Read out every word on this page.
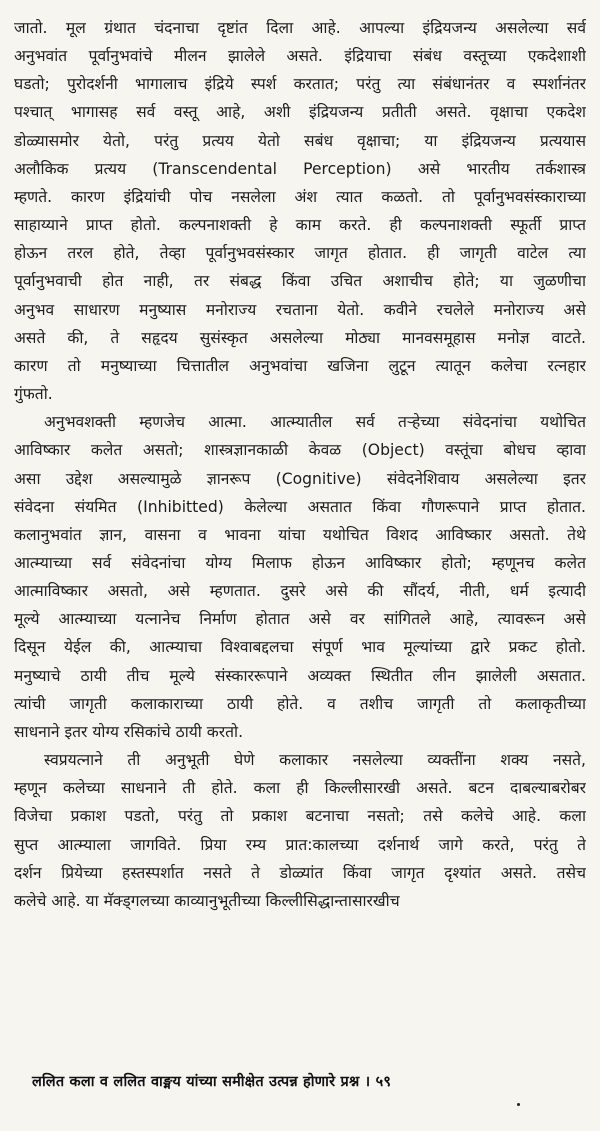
जातो. मूल ग्रंथात चंदनाचा दृष्टांत दिला आहे. आपल्या इंद्रियजन्य असलेल्या सर्व
अनुभवांत पूर्वानुभवांचे मीलन झालेले असते. इंद्रियाचा संबंध वस्तूच्या एकदेशाशी
घडतो; पुरोदर्शनी भागालाच इंद्रिये स्पर्श करतात; परंतु त्या संबंधानंतर व स्पर्शानंतर
पश्चात् भागासह सर्व वस्तू आहे, अशी इंद्रियजन्य प्रतीती असते. वृक्षाचा एकदेश
डोळ्यासमोर येतो, परंतु प्रत्यय येतो सबंध वृक्षाचा; या इंद्रियजन्य प्रत्ययास
अलौकिक प्रत्यय (Transcendental Perception) असे भारतीय तर्कशास्त्र
म्हणते. कारण इंद्रियांची पोच नसलेला अंश त्यात कळतो. तो पूर्वानुभवसंस्काराच्या
साहाय्याने प्राप्त होतो. कल्पनाशक्ती हे काम करते. ही कल्पनाशक्ती स्फूर्ती प्राप्त
होऊन तरल होते, तेव्हा पूर्वानुभवसंस्कार जागृत होतात. ही जागृती वाटेल त्या
पूर्वानुभवाची होत नाही, तर संबद्ध किंवा उचित अशाचीच होते; या जुळणीचा
अनुभव साधारण मनुष्यास मनोराज्य रचताना येतो. कवीने रचलेले मनोराज्य असे
असते की, ते सहृदय सुसंस्कृत असलेल्या मोठ्या मानवसमूहास मनोज्ञ वाटते.
कारण तो मनुष्याच्या चित्तातील अनुभवांचा खजिना लुटून त्यातून कलेचा रत्नहार
गुंफतो.
अनुभवशक्ती म्हणजेच आत्मा. आत्म्यातील सर्व तऱ्हेच्या संवेदनांचा यथोचित
आविष्कार कलेत असतो; शास्त्रज्ञानकाळी केवळ (Object) वस्तूंचा बोधच व्हावा
असा उद्देश असल्यामुळे ज्ञानरूप (Cognitive) संवेदनेशिवाय असलेल्या इतर
संवेदना संयमित (Inhibitted) केलेल्या असतात किंवा गौणरूपाने प्राप्त होतात.
कलानुभवांत ज्ञान, वासना व भावना यांचा यथोचित विशद आविष्कार असतो. तेथे
आत्म्याच्या सर्व संवेदनांचा योग्य मिलाफ होऊन आविष्कार होतो; म्हणूनच कलेत
आत्माविष्कार असतो, असे म्हणतात. दुसरे असे की सौंदर्य, नीती, धर्म इत्यादी
मूल्ये आत्म्याच्या यत्नानेच निर्माण होतात असे वर सांगितले आहे, त्यावरून असे
दिसून येईल की, आत्म्याचा विश्वाबद्दलचा संपूर्ण भाव मूल्यांच्या द्वारे प्रकट होतो.
मनुष्याचे ठायी तीच मूल्ये संस्काररूपाने अव्यक्त स्थितीत लीन झालेली असतात.
त्यांची जागृती कलाकाराच्या ठायी होते. व तशीच जागृती तो कलाकृतीच्या
साधनाने इतर योग्य रसिकांचे ठायी करतो.
स्वप्रयत्नाने ती अनुभूती घेणे कलाकार नसलेल्या व्यक्तींना शक्य नसते,
म्हणून कलेच्या साधनाने ती होते. कला ही किल्लीसारखी असते. बटन दाबल्याबरोबर
विजेचा प्रकाश पडतो, परंतु तो प्रकाश बटनाचा नसतो; तसे कलेचे आहे. कला
सुप्त आत्म्याला जागविते. प्रिया रम्य प्रात:कालच्या दर्शनार्थ जागे करते, परंतु ते
दर्शन प्रियेच्या हस्तस्पर्शात नसते ते डोळ्यांत किंवा जागृत दृश्यांत असते. तसेच
कलेचे आहे. या मॅक्ड्गलच्या काव्यानुभूतीच्या किल्लीसिद्धान्तासारखीच
ललित कला व ललित वाङ्मय यांच्या समीक्षेत उत्पन्न होणारे प्रश्न । ५९
